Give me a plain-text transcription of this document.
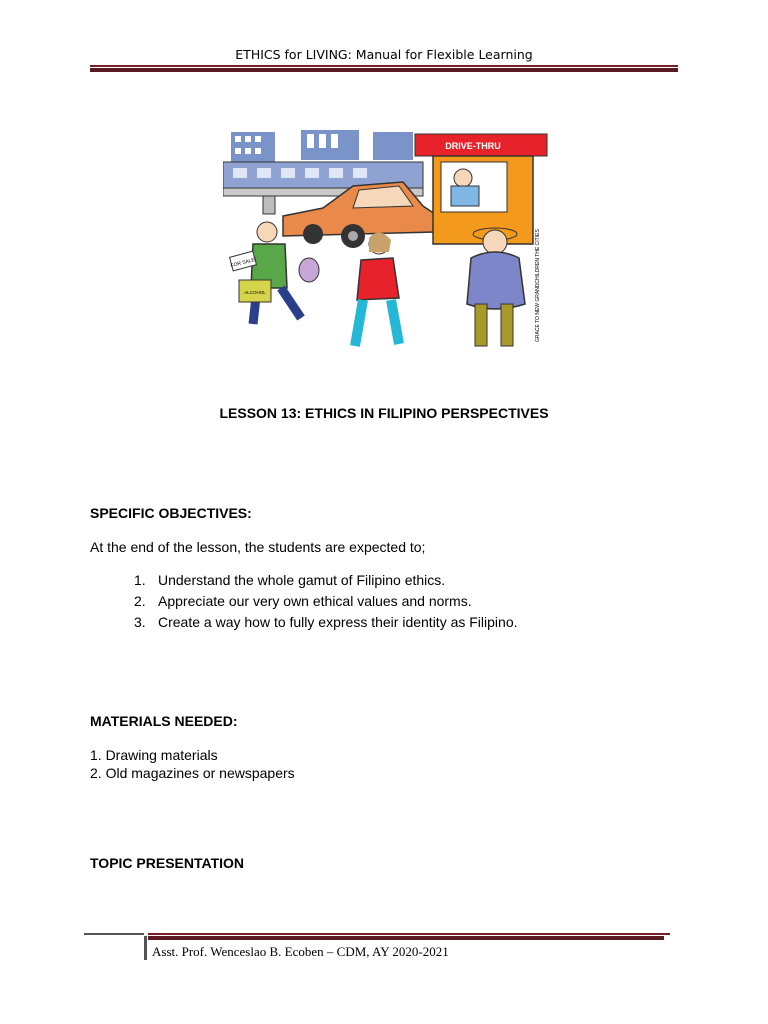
ETHICS for LIVING: Manual for Flexible Learning
DRIVE-THRU
FOR SALE!
ALCOHOL	GRACE TO NEW GRANDCHILDREN THE CITIES
LESSON 13: ETHICS IN FILIPINO PERSPECTIVES
SPECIFIC OBJECTIVES:
At the end of the lesson, the students are expected to;
1. Understand the whole gamut of Filipino ethics.
2. Appreciate our very own ethical values and norms.
3. Create a way how to fully express their identity as Filipino.
MATERIALS NEEDED:
1. Drawing materials
2. Old magazines or newspapers
TOPIC PRESENTATION
Asst. Prof. Wenceslao B. Ecoben – CDM, AY 2020-2021
